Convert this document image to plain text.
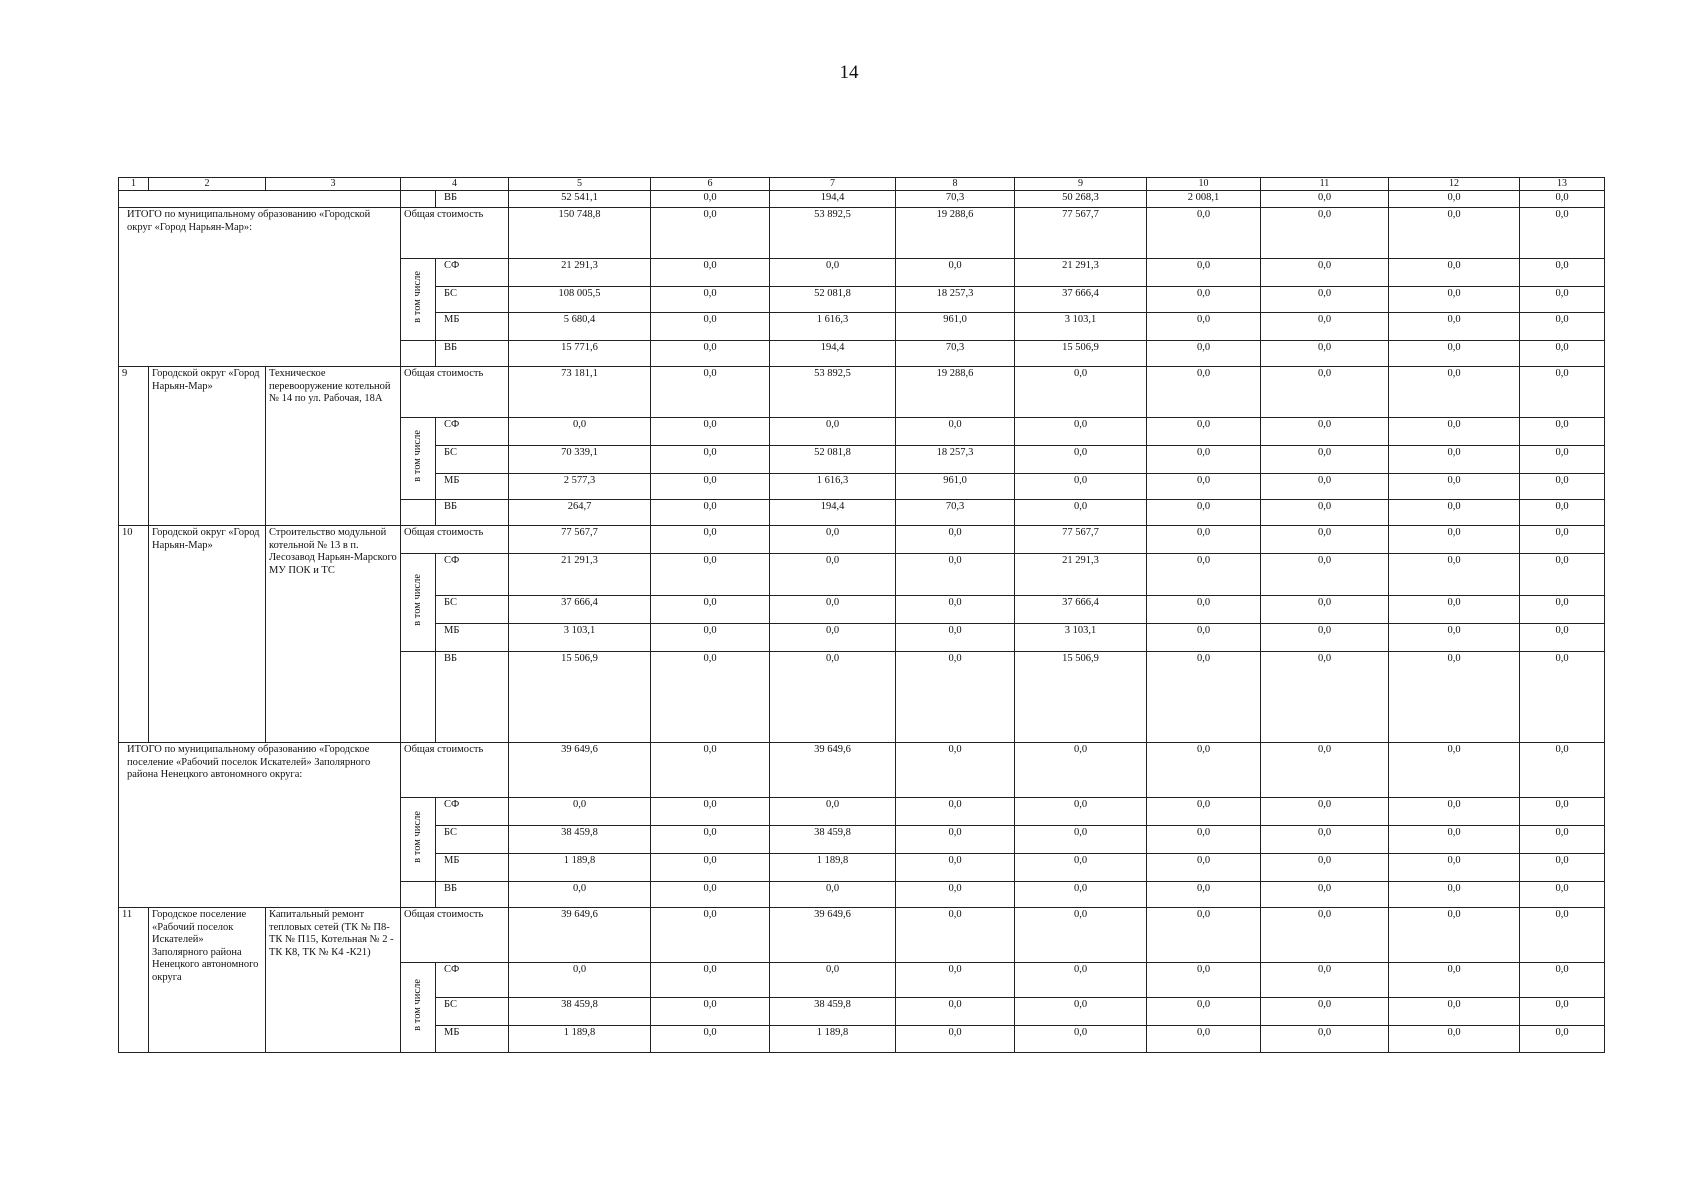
14
1	2	3	4		5	6	7	8	9	10	11	12	13
				ВБ	52 541,1	0,0	194,4	70,3	50 268,3	2 008,1	0,0	0,0	0,0
ИТОГО по муниципальному образованию «Городской округ «Город Нарьян-Мар»:			Общая стоимость		150 748,8	0,0	53 892,5	19 288,6	77 567,7	0,0	0,0	0,0	0,0
			в том числе	СФ	21 291,3	0,0	0,0	0,0	21 291,3	0,0	0,0	0,0	0,0
				БС	108 005,5	0,0	52 081,8	18 257,3	37 666,4	0,0	0,0	0,0	0,0
				МБ	5 680,4	0,0	1 616,3	961,0	3 103,1	0,0	0,0	0,0	0,0
				ВБ	15 771,6	0,0	194,4	70,3	15 506,9	0,0	0,0	0,0	0,0
9	Городской округ «Город Нарьян-Мар»	Техническое перевооружение котельной № 14 по ул. Рабочая, 18А	Общая стоимость		73 181,1	0,0	53 892,5	19 288,6	0,0	0,0	0,0	0,0	0,0
			в том числе	СФ	0,0	0,0	0,0	0,0	0,0	0,0	0,0	0,0	0,0
				БС	70 339,1	0,0	52 081,8	18 257,3	0,0	0,0	0,0	0,0	0,0
				МБ	2 577,3	0,0	1 616,3	961,0	0,0	0,0	0,0	0,0	0,0
				ВБ	264,7	0,0	194,4	70,3	0,0	0,0	0,0	0,0	0,0
10	Городской округ «Город Нарьян-Мар»	Строительство модульной котельной № 13 в п. Лесозавод Нарьян-Марского МУ ПОК и ТС	Общая стоимость		77 567,7	0,0	0,0	0,0	77 567,7	0,0	0,0	0,0	0,0
			в том числе	СФ	21 291,3	0,0	0,0	0,0	21 291,3	0,0	0,0	0,0	0,0
				БС	37 666,4	0,0	0,0	0,0	37 666,4	0,0	0,0	0,0	0,0
				МБ	3 103,1	0,0	0,0	0,0	3 103,1	0,0	0,0	0,0	0,0
				ВБ	15 506,9	0,0	0,0	0,0	15 506,9	0,0	0,0	0,0	0,0
ИТОГО по муниципальному образованию «Городское поселение «Рабочий поселок Искателей» Заполярного района Ненецкого автономного округа:			Общая стоимость		39 649,6	0,0	39 649,6	0,0	0,0	0,0	0,0	0,0	0,0
			в том числе	СФ	0,0	0,0	0,0	0,0	0,0	0,0	0,0	0,0	0,0
				БС	38 459,8	0,0	38 459,8	0,0	0,0	0,0	0,0	0,0	0,0
				МБ	1 189,8	0,0	1 189,8	0,0	0,0	0,0	0,0	0,0	0,0
				ВБ	0,0	0,0	0,0	0,0	0,0	0,0	0,0	0,0	0,0
11	Городское поселение «Рабочий поселок Искателей» Заполярного района Ненецкого автономного округа	Капитальный ремонт тепловых сетей (ТК № П8-ТК № П15, Котельная № 2 - ТК К8, ТК № К4 -К21)	Общая стоимость		39 649,6	0,0	39 649,6	0,0	0,0	0,0	0,0	0,0	0,0
			в том числе	СФ	0,0	0,0	0,0	0,0	0,0	0,0	0,0	0,0	0,0
				БС	38 459,8	0,0	38 459,8	0,0	0,0	0,0	0,0	0,0	0,0
				МБ	1 189,8	0,0	1 189,8	0,0	0,0	0,0	0,0	0,0	0,0
